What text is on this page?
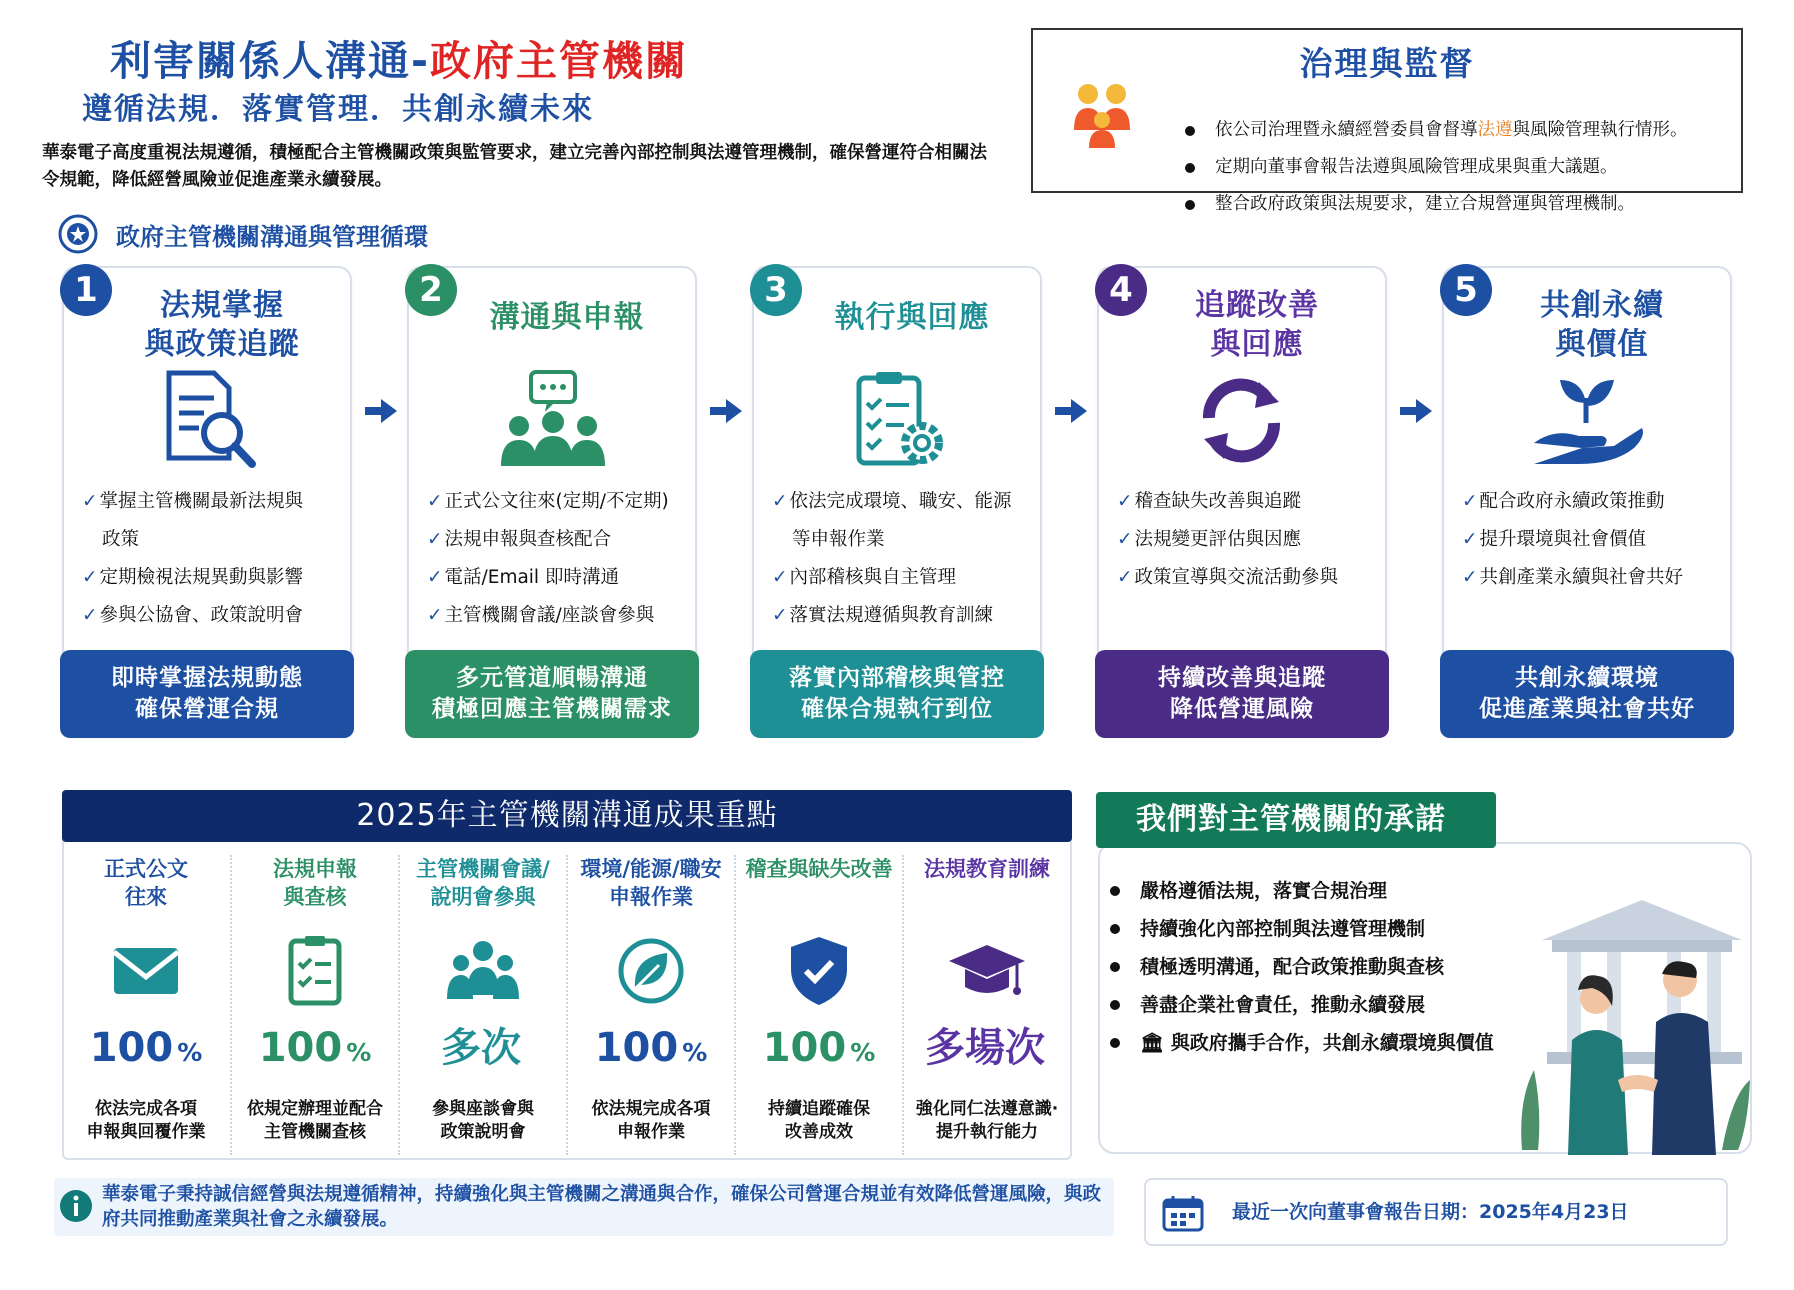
利害關係人溝通-政府主管機關
遵循法規．落實管理．共創永續未來
華泰電子高度重視法規遵循，積極配合主管機關政策與監管要求，建立完善內部控制與法遵管理機制，確保營運符合相關法令規範，降低經營風險並促進產業永續發展。
治理與監督
依公司治理暨永續經營委員會督導法遵與風險管理執行情形。
定期向董事會報告法遵與風險管理成果與重大議題。
整合政府政策與法規要求，建立合規營運與管理機制。
政府主管機關溝通與管理循環
1	法規掌握
與政策追蹤
✓ 掌握主管機關最新法規與
政策
✓ 定期檢視法規異動與影響
✓ 參與公協會、政策說明會
即時掌握法規動態
確保營運合規
2
溝通與申報
✓ 正式公文往來(定期/不定期)
✓ 法規申報與查核配合
✓ 電話/Email 即時溝通
✓ 主管機關會議/座談會參與
多元管道順暢溝通
積極回應主管機關需求
3
執行與回應
✓ 依法完成環境、職安、能源
等申報作業
✓ 內部稽核與自主管理
✓ 落實法規遵循與教育訓練
落實內部稽核與管控
確保合規執行到位
4	追蹤改善
與回應
✓ 稽查缺失改善與追蹤
✓ 法規變更評估與因應
✓ 政策宣導與交流活動參與
持續改善與追蹤
降低營運風險
5	共創永續
與價值
✓ 配合政府永續政策推動
✓ 提升環境與社會價值
✓ 共創產業永續與社會共好
共創永續環境
促進產業與社會共好
2025年主管機關溝通成果重點
正式公文
往來
100 %
依法完成各項
申報與回覆作業
法規申報
與查核
100 %
依規定辦理並配合
主管機關查核
主管機關會議/
說明會參與
多次
參與座談會與
政策說明會
環境/能源/職安
申報作業
100 %
依法規完成各項
申報作業
稽查與缺失改善
100 %
持續追蹤確保
改善成效
法規教育訓練
多場次
強化同仁法遵意識·
提升執行能力
我們對主管機關的承諾
嚴格遵循法規，落實合規治理
持續強化內部控制與法遵管理機制
積極透明溝通，配合政策推動與查核
善盡企業社會責任，推動永續發展
🏛 與政府攜手合作，共創永續環境與價值
華泰電子秉持誠信經營與法規遵循精神，持續強化與主管機關之溝通與合作，確保公司營運合規並有效降低營運風險，與政府共同推動產業與社會之永續發展。	最近一次向董事會報告日期：2025年4月23日
